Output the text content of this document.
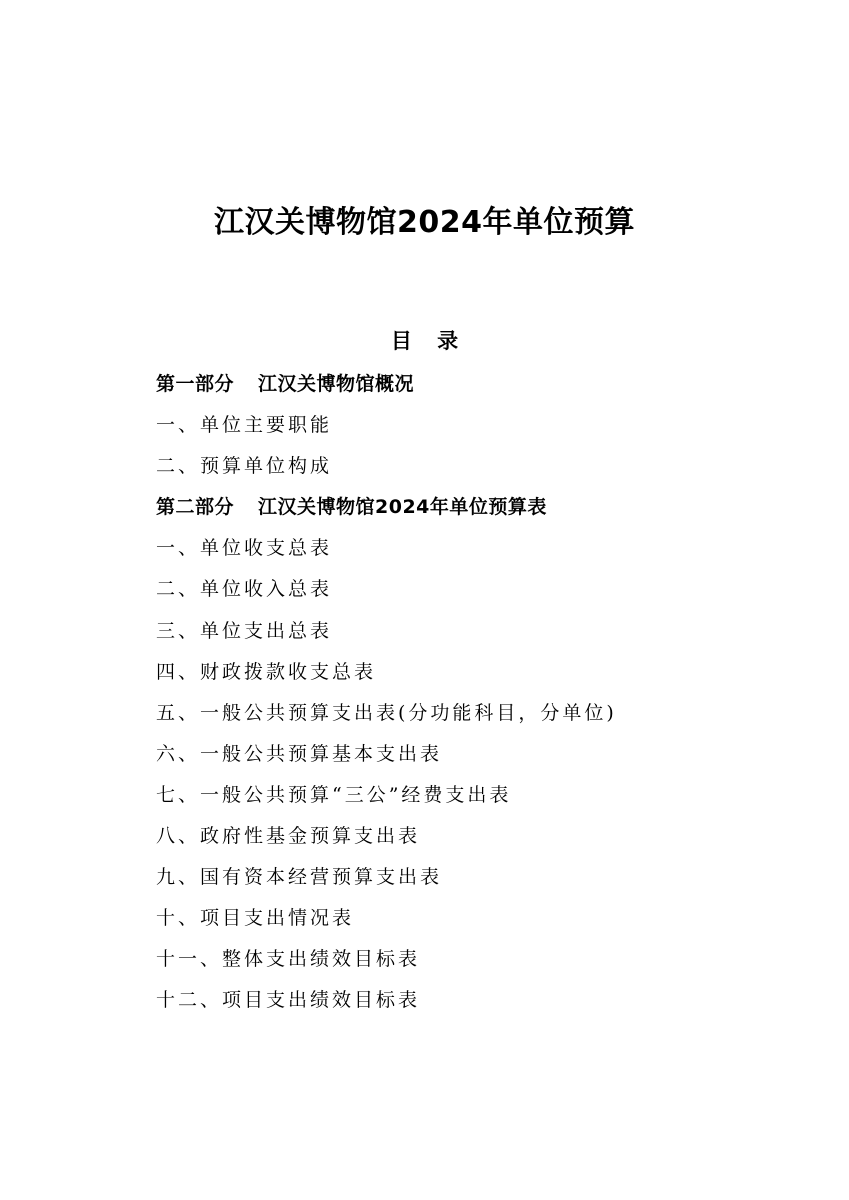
江汉关博物馆2024年单位预算
目 录
第一部分 江汉关博物馆概况
一、单位主要职能
二、预算单位构成
第二部分 江汉关博物馆2024年单位预算表
一、单位收支总表
二、单位收入总表
三、单位支出总表
四、财政拨款收支总表
五、一般公共预算支出表(分功能科目，分单位)
六、一般公共预算基本支出表
七、一般公共预算“三公”经费支出表
八、政府性基金预算支出表
九、国有资本经营预算支出表
十、项目支出情况表
十一、整体支出绩效目标表
十二、项目支出绩效目标表
